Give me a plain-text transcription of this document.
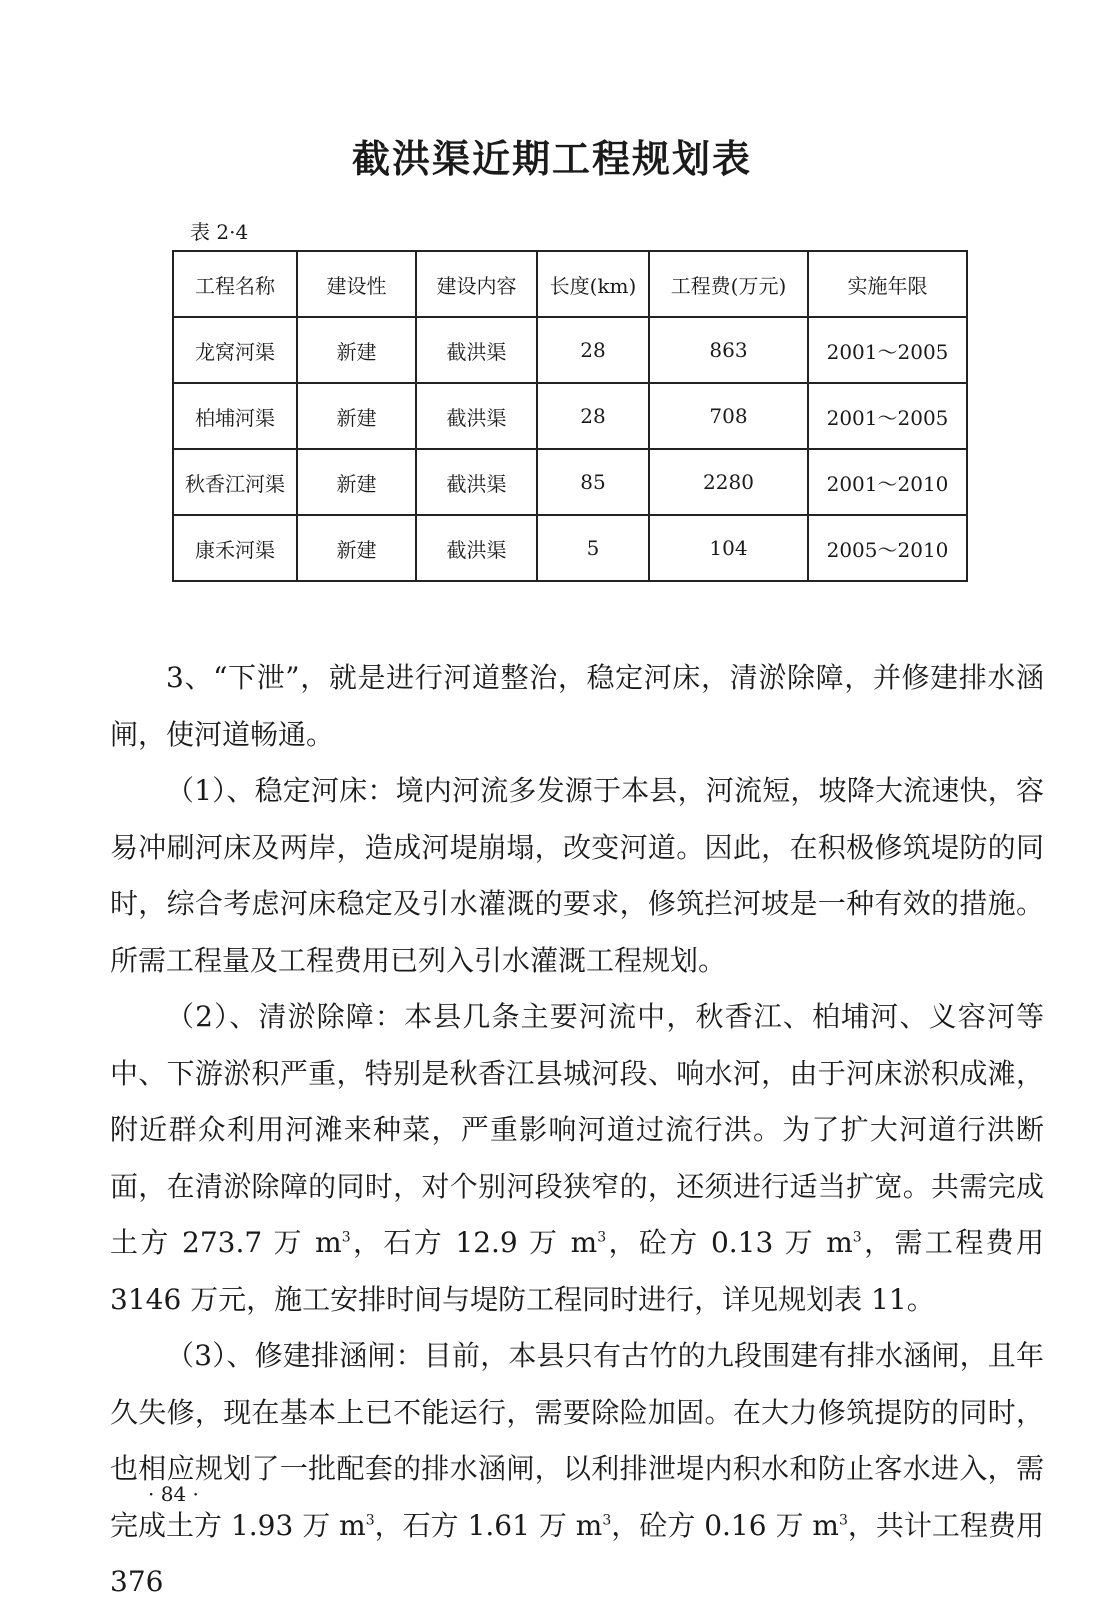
截洪渠近期工程规划表
表 2·4
工程名称	建设性	建设内容	长度(km)	工程费(万元)	实施年限
龙窝河渠	新建	截洪渠	28	863	2001～2005
柏埔河渠	新建	截洪渠	28	708	2001～2005
秋香江河渠	新建	截洪渠	85	2280	2001～2010
康禾河渠	新建	截洪渠	5	104	2005～2010

3、“下泄”，就是进行河道整治，稳定河床，清淤除障，并修建排水涵闸，使河道畅通。

（1）、稳定河床：境内河流多发源于本县，河流短，坡降大流速快，容易冲刷河床及两岸，造成河堤崩塌，改变河道。因此，在积极修筑堤防的同时，综合考虑河床稳定及引水灌溉的要求，修筑拦河坡是一种有效的措施。所需工程量及工程费用已列入引水灌溉工程规划。

（2）、清淤除障：本县几条主要河流中，秋香江、柏埔河、义容河等中、下游淤积严重，特别是秋香江县城河段、响水河，由于河床淤积成滩，附近群众利用河滩来种菜，严重影响河道过流行洪。为了扩大河道行洪断面，在清淤除障的同时，对个别河段狭窄的，还须进行适当扩宽。共需完成土方 273.7 万 $m^3$，石方 12.9 万 $m^3$，砼方 0.13 万 $m^3$，需工程费用 3146 万元，施工安排时间与堤防工程同时进行，详见规划表 11。

（3）、修建排涵闸：目前，本县只有古竹的九段围建有排水涵闸，且年久失修，现在基本上已不能运行，需要除险加固。在大力修筑提防的同时，也相应规划了一批配套的排水涵闸，以利排泄堤内积水和防止客水进入，需完成土方 1.93 万 $m^3$，石方 1.61 万 $m^3$，砼方 0.16 万 $m^3$，共计工程费用 376

· 84 ·
